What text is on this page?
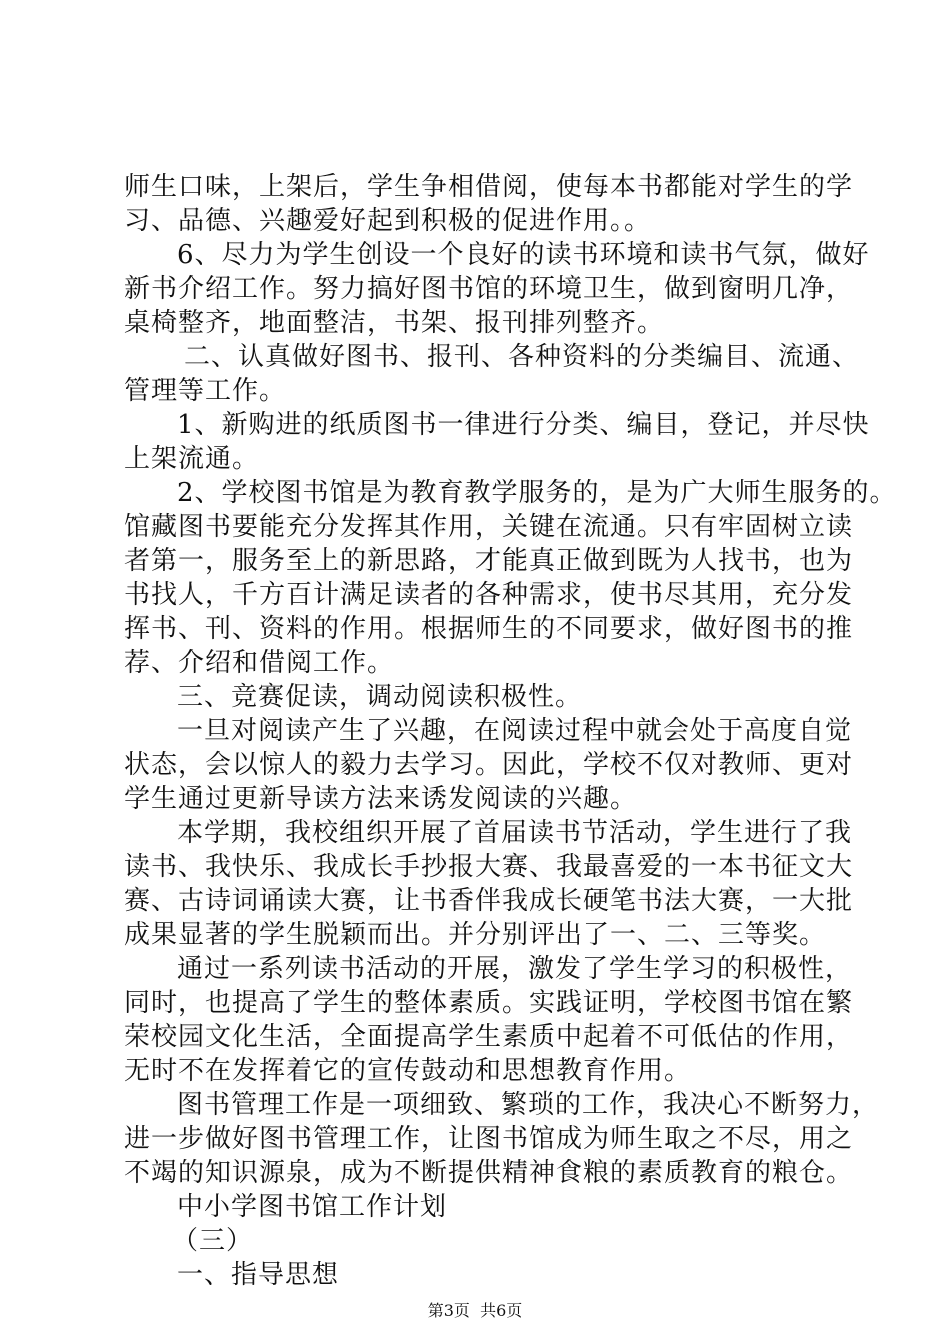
师生口味，上架后，学生争相借阅，使每本书都能对学生的学
习、品德、兴趣爱好起到积极的促进作用。。
6、尽力为学生创设一个良好的读书环境和读书气氛，做好
新书介绍工作。努力搞好图书馆的环境卫生，做到窗明几净，
桌椅整齐，地面整洁，书架、报刊排列整齐。
二、认真做好图书、报刊、各种资料的分类编目、流通、
管理等工作。
1、新购进的纸质图书一律进行分类、编目，登记，并尽快
上架流通。
2、学校图书馆是为教育教学服务的，是为广大师生服务的。
馆藏图书要能充分发挥其作用，关键在流通。只有牢固树立读
者第一，服务至上的新思路，才能真正做到既为人找书，也为
书找人，千方百计满足读者的各种需求，使书尽其用，充分发
挥书、刊、资料的作用。根据师生的不同要求，做好图书的推
荐、介绍和借阅工作。
三、竞赛促读，调动阅读积极性。
一旦对阅读产生了兴趣，在阅读过程中就会处于高度自觉
状态，会以惊人的毅力去学习。因此，学校不仅对教师、更对
学生通过更新导读方法来诱发阅读的兴趣。
本学期，我校组织开展了首届读书节活动，学生进行了我
读书、我快乐、我成长手抄报大赛、我最喜爱的一本书征文大
赛、古诗词诵读大赛，让书香伴我成长硬笔书法大赛，一大批
成果显著的学生脱颖而出。并分别评出了一、二、三等奖。
通过一系列读书活动的开展，激发了学生学习的积极性，
同时，也提高了学生的整体素质。实践证明，学校图书馆在繁
荣校园文化生活，全面提高学生素质中起着不可低估的作用，
无时不在发挥着它的宣传鼓动和思想教育作用。
图书管理工作是一项细致、繁琐的工作，我决心不断努力，
进一步做好图书管理工作，让图书馆成为师生取之不尽，用之
不竭的知识源泉，成为不断提供精神食粮的素质教育的粮仓。
中小学图书馆工作计划
（三）
一、指导思想
第3页 共6页
